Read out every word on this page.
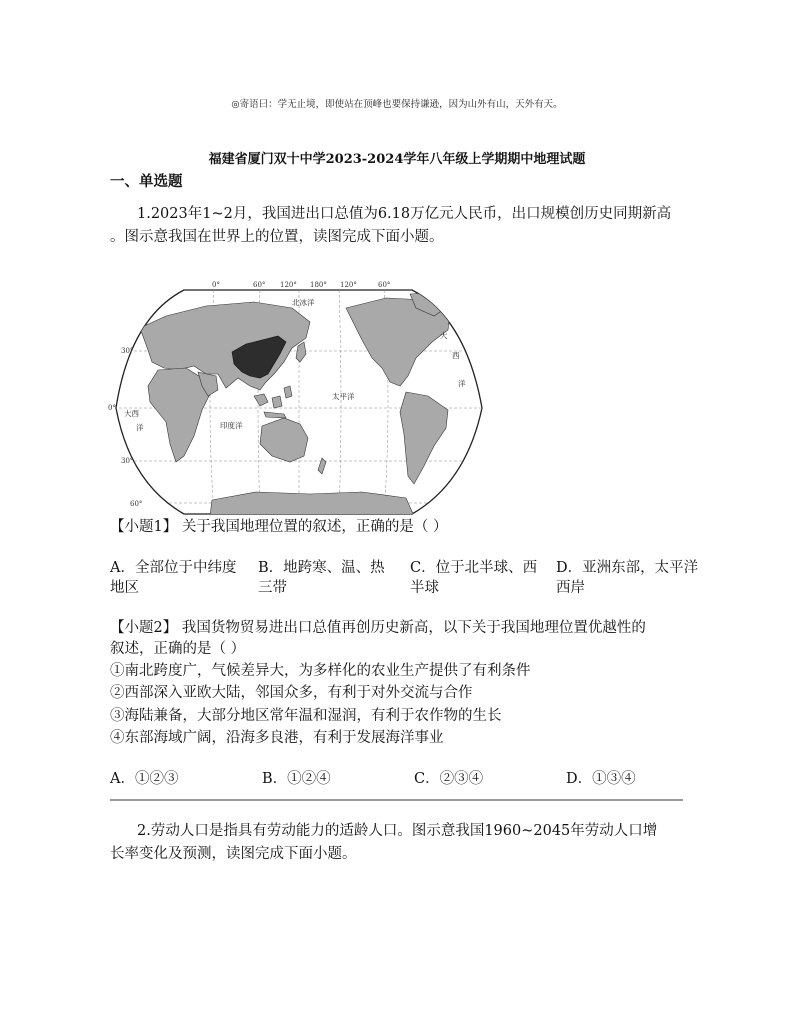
◎寄语曰：学无止境，即使站在顶峰也要保持谦逊，因为山外有山，天外有天。
福建省厦门双十中学2023-2024学年八年级上学期期中地理试题
一、单选题
1.2023年1~2月，我国进出口总值为6.18万亿元人民币，出口规模创历史同期新高
。图示意我国在世界上的位置，读图完成下面小题。
0°	60° 120° 180° 120°	60°
30°
0°
30°
60°
北冰洋
太平洋
印度洋
大西
洋
大
西
洋
【小题1】 关于我国地理位置的叙述，正确的是（ ）
A．全部位于中纬度
地区
B．地跨寒、温、热
三带
C．位于北半球、西
半球
D．亚洲东部，太平洋
西岸
【小题2】 我国货物贸易进出口总值再创历史新高，以下关于我国地理位置优越性的
叙述，正确的是（ ）
①南北跨度广，气候差异大，为多样化的农业生产提供了有利条件
②西部深入亚欧大陆，邻国众多，有利于对外交流与合作
③海陆兼备，大部分地区常年温和湿润，有利于农作物的生长
④东部海域广阔，沿海多良港，有利于发展海洋事业
A．①②③	B．①②④	C．②③④	D．①③④
2.劳动人口是指具有劳动能力的适龄人口。图示意我国1960~2045年劳动人口增
长率变化及预测，读图完成下面小题。
